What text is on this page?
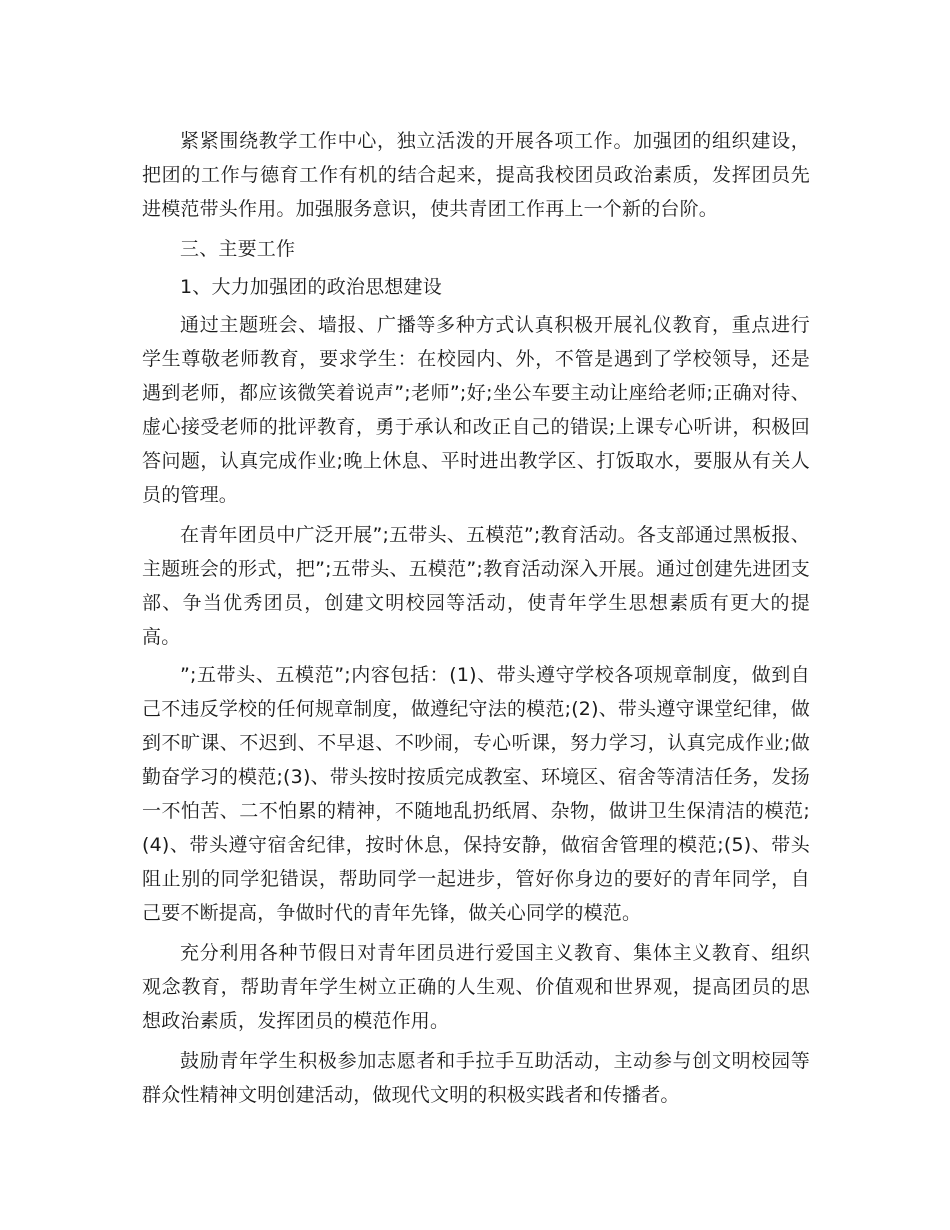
紧紧围绕教学工作中心，独立活泼的开展各项工作。加强团的组织建设，把团的工作与德育工作有机的结合起来，提高我校团员政治素质，发挥团员先进模范带头作用。加强服务意识，使共青团工作再上一个新的台阶。

三、主要工作

1、大力加强团的政治思想建设

通过主题班会、墙报、广播等多种方式认真积极开展礼仪教育，重点进行学生尊敬老师教育，要求学生：在校园内、外，不管是遇到了学校领导，还是遇到老师，都应该微笑着说声”;老师”;好;坐公车要主动让座给老师;正确对待、虚心接受老师的批评教育，勇于承认和改正自己的错误;上课专心听讲，积极回答问题，认真完成作业;晚上休息、平时进出教学区、打饭取水，要服从有关人员的管理。

在青年团员中广泛开展”;五带头、五模范”;教育活动。各支部通过黑板报、主题班会的形式，把”;五带头、五模范”;教育活动深入开展。通过创建先进团支部、争当优秀团员，创建文明校园等活动，使青年学生思想素质有更大的提高。

”;五带头、五模范”;内容包括：(1)、带头遵守学校各项规章制度，做到自己不违反学校的任何规章制度，做遵纪守法的模范;(2)、带头遵守课堂纪律，做到不旷课、不迟到、不早退、不吵闹，专心听课，努力学习，认真完成作业;做勤奋学习的模范;(3)、带头按时按质完成教室、环境区、宿舍等清洁任务，发扬一不怕苦、二不怕累的精神，不随地乱扔纸屑、杂物，做讲卫生保清洁的模范;(4)、带头遵守宿舍纪律，按时休息，保持安静，做宿舍管理的模范;(5)、带头阻止别的同学犯错误，帮助同学一起进步，管好你身边的要好的青年同学，自己要不断提高，争做时代的青年先锋，做关心同学的模范。

充分利用各种节假日对青年团员进行爱国主义教育、集体主义教育、组织观念教育，帮助青年学生树立正确的人生观、价值观和世界观，提高团员的思想政治素质，发挥团员的模范作用。

鼓励青年学生积极参加志愿者和手拉手互助活动，主动参与创文明校园等群众性精神文明创建活动，做现代文明的积极实践者和传播者。
